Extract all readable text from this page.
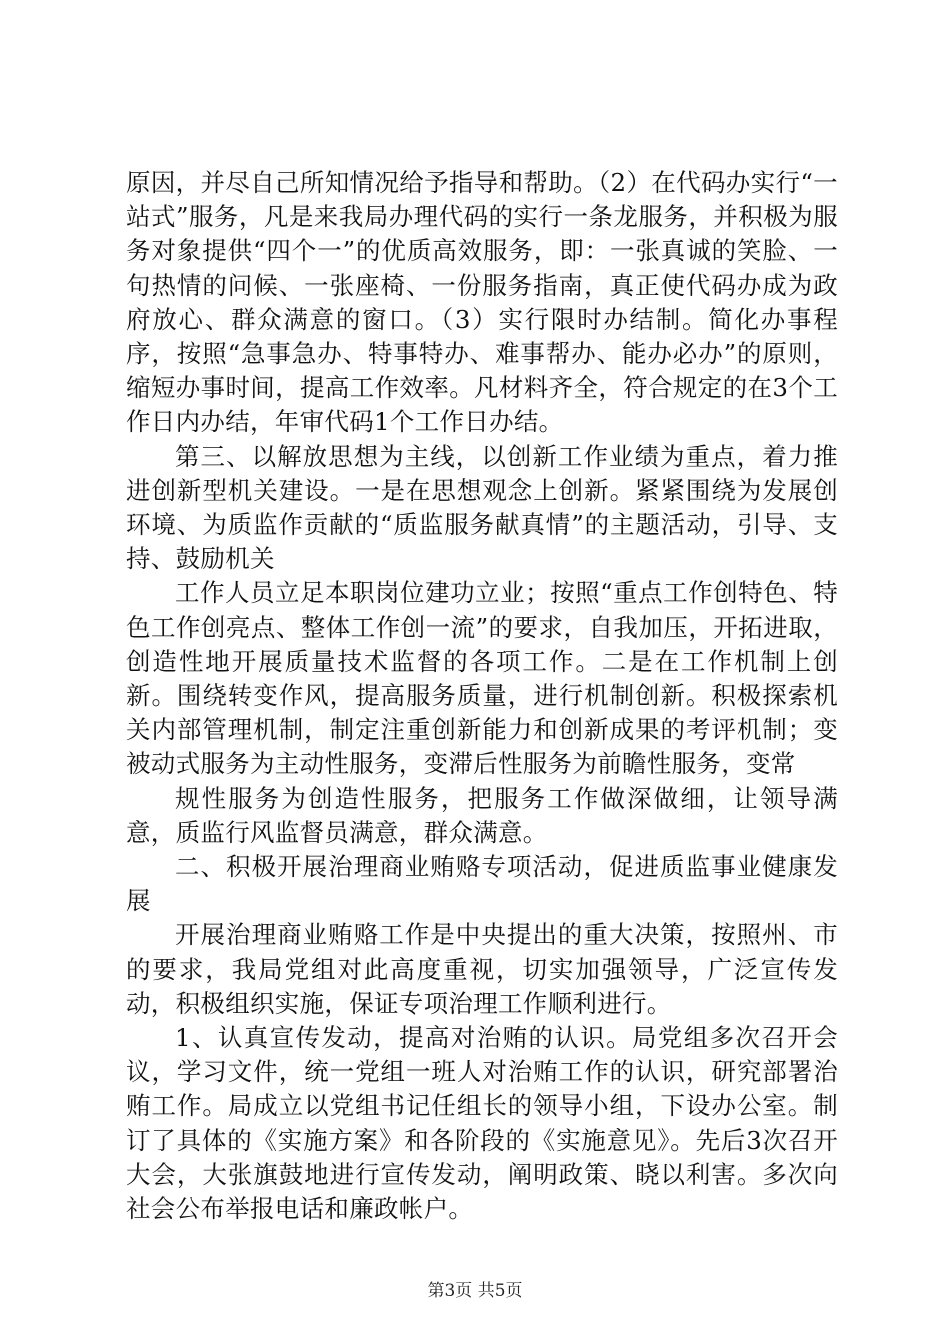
原因，并尽自己所知情况给予指导和帮助。（2）在代码办实行“一站式”服务，凡是来我局办理代码的实行一条龙服务，并积极为服务对象提供“四个一”的优质高效服务，即：一张真诚的笑脸、一句热情的问候、一张座椅、一份服务指南，真正使代码办成为政府放心、群众满意的窗口。（3）实行限时办结制。简化办事程序，按照“急事急办、特事特办、难事帮办、能办必办”的原则，缩短办事时间，提高工作效率。凡材料齐全，符合规定的在3个工作日内办结，年审代码1个工作日办结。

第三、以解放思想为主线，以创新工作业绩为重点，着力推进创新型机关建设。一是在思想观念上创新。紧紧围绕为发展创环境、为质监作贡献的“质监服务献真情”的主题活动，引导、支持、鼓励机关

工作人员立足本职岗位建功立业；按照“重点工作创特色、特色工作创亮点、整体工作创一流”的要求，自我加压，开拓进取，创造性地开展质量技术监督的各项工作。二是在工作机制上创新。围绕转变作风，提高服务质量，进行机制创新。积极探索机关内部管理机制，制定注重创新能力和创新成果的考评机制；变被动式服务为主动性服务，变滞后性服务为前瞻性服务，变常

规性服务为创造性服务，把服务工作做深做细，让领导满意，质监行风监督员满意，群众满意。

二、积极开展治理商业贿赂专项活动，促进质监事业健康发展

开展治理商业贿赂工作是中央提出的重大决策，按照州、市的要求，我局党组对此高度重视，切实加强领导，广泛宣传发动，积极组织实施，保证专项治理工作顺利进行。

1、认真宣传发动，提高对治贿的认识。局党组多次召开会议，学习文件，统一党组一班人对治贿工作的认识，研究部署治贿工作。局成立以党组书记任组长的领导小组，下设办公室。制订了具体的《实施方案》和各阶段的《实施意见》。先后3次召开大会，大张旗鼓地进行宣传发动，阐明政策、晓以利害。多次向社会公布举报电话和廉政帐户。

第3页 共5页
